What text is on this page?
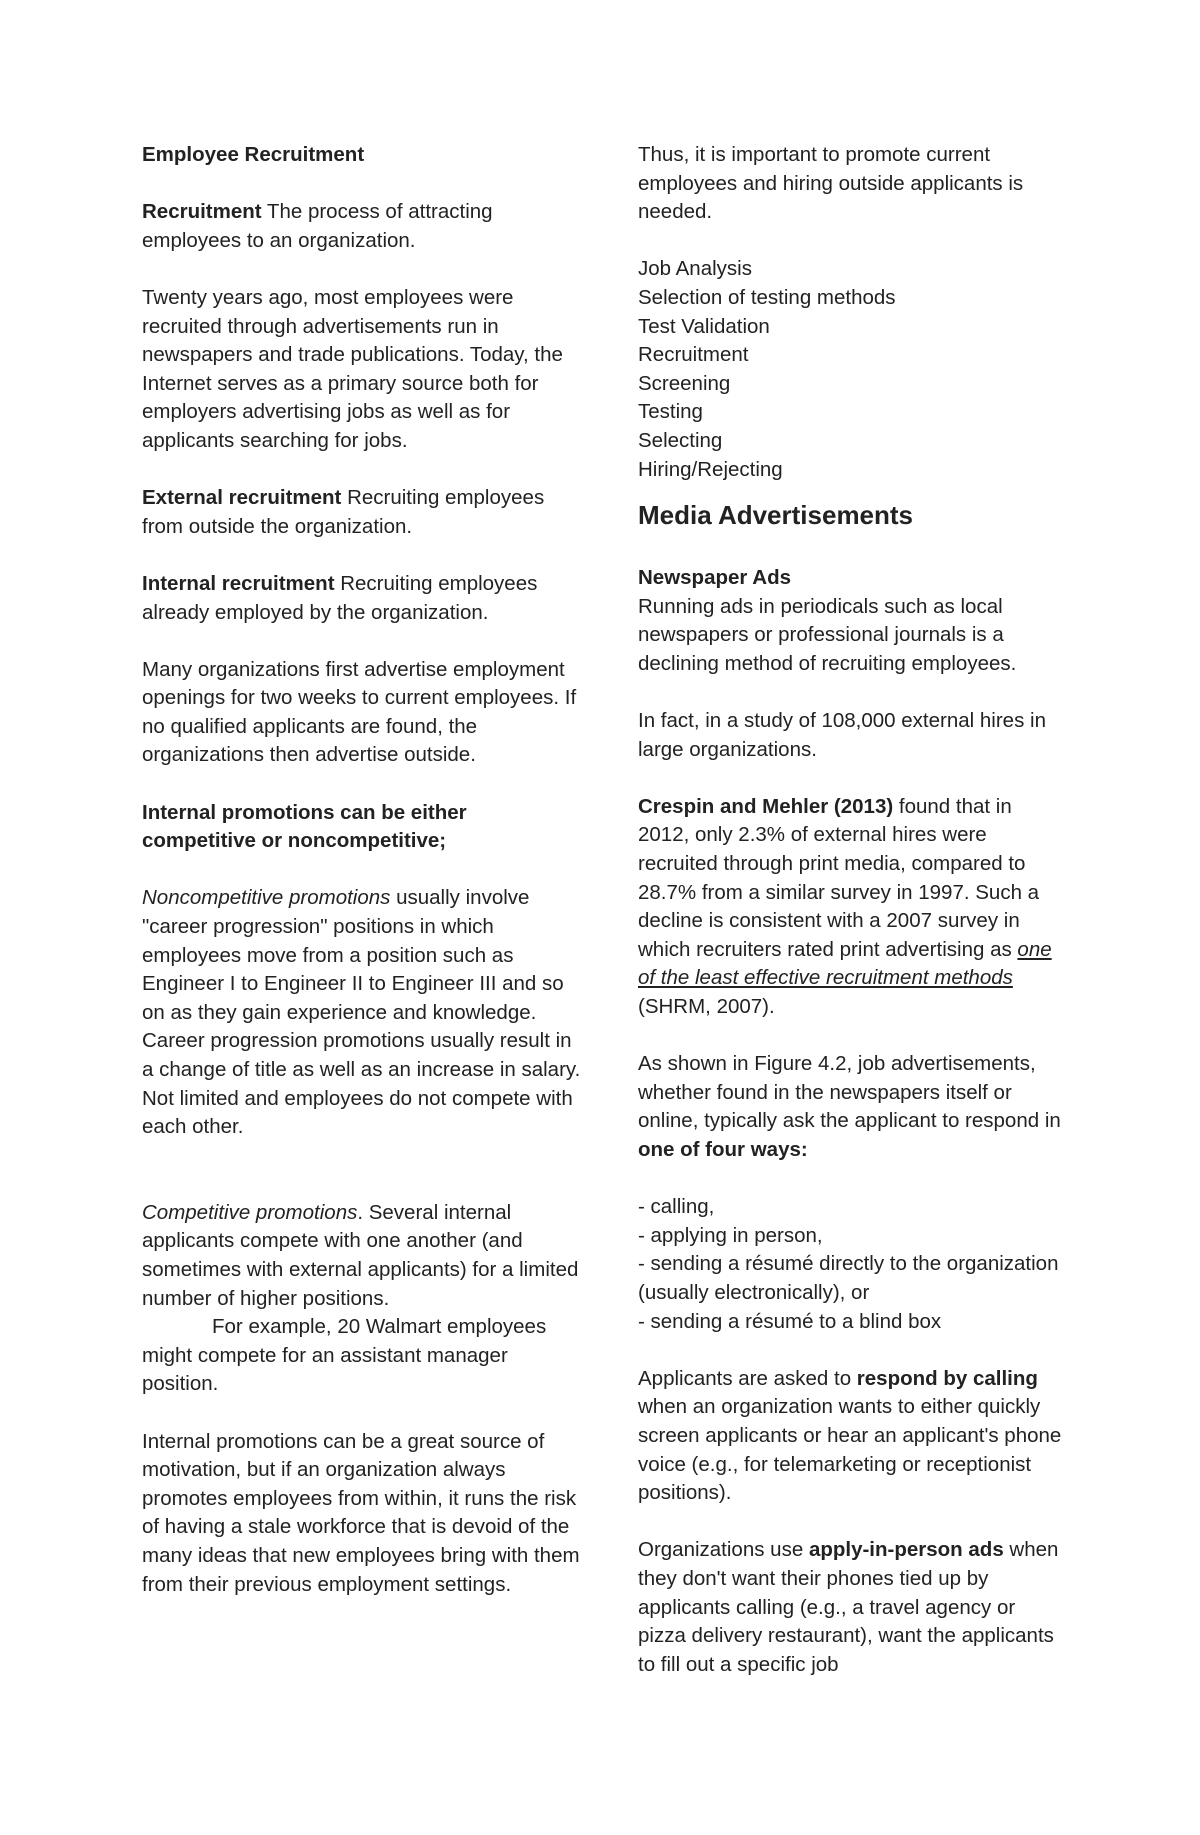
Employee Recruitment

Recruitment The process of attracting employees to an organization.

Twenty years ago, most employees were recruited through advertisements run in newspapers and trade publications. Today, the Internet serves as a primary source both for employers advertising jobs as well as for applicants searching for jobs.

External recruitment Recruiting employees from outside the organization.

Internal recruitment Recruiting employees already employed by the organization.

Many organizations first advertise employment openings for two weeks to current employees. If no qualified applicants are found, the organizations then advertise outside.

Internal promotions can be either competitive or noncompetitive;

Noncompetitive promotions usually involve "career progression" positions in which employees move from a position such as Engineer I to Engineer II to Engineer III and so on as they gain experience and knowledge. Career progression promotions usually result in a change of title as well as an increase in salary. Not limited and employees do not compete with each other.

Competitive promotions. Several internal applicants compete with one another (and sometimes with external applicants) for a limited number of higher positions.

For example, 20 Walmart employees might compete for an assistant manager position.

Internal promotions can be a great source of motivation, but if an organization always promotes employees from within, it runs the risk of having a stale workforce that is devoid of the many ideas that new employees bring with them from their previous employment settings.

Thus, it is important to promote current employees and hiring outside applicants is needed.

Job Analysis
Selection of testing methods
Test Validation
Recruitment
Screening
Testing
Selecting
Hiring/Rejecting
Media Advertisements
Newspaper Ads

Running ads in periodicals such as local newspapers or professional journals is a declining method of recruiting employees.

In fact, in a study of 108,000 external hires in large organizations.

Crespin and Mehler (2013) found that in 2012, only 2.3% of external hires were recruited through print media, compared to 28.7% from a similar survey in 1997. Such a decline is consistent with a 2007 survey in which recruiters rated print advertising as one of the least effective recruitment methods (SHRM, 2007).

As shown in Figure 4.2, job advertisements, whether found in the newspapers itself or online, typically ask the applicant to respond in one of four ways:

- calling,
- applying in person,
- sending a résumé directly to the organization (usually electronically), or
- sending a résumé to a blind box

Applicants are asked to respond by calling when an organization wants to either quickly screen applicants or hear an applicant's phone voice (e.g., for telemarketing or receptionist positions).

Organizations use apply-in-person ads when they don't want their phones tied up by applicants calling (e.g., a travel agency or pizza delivery restaurant), want the applicants to fill out a specific job
